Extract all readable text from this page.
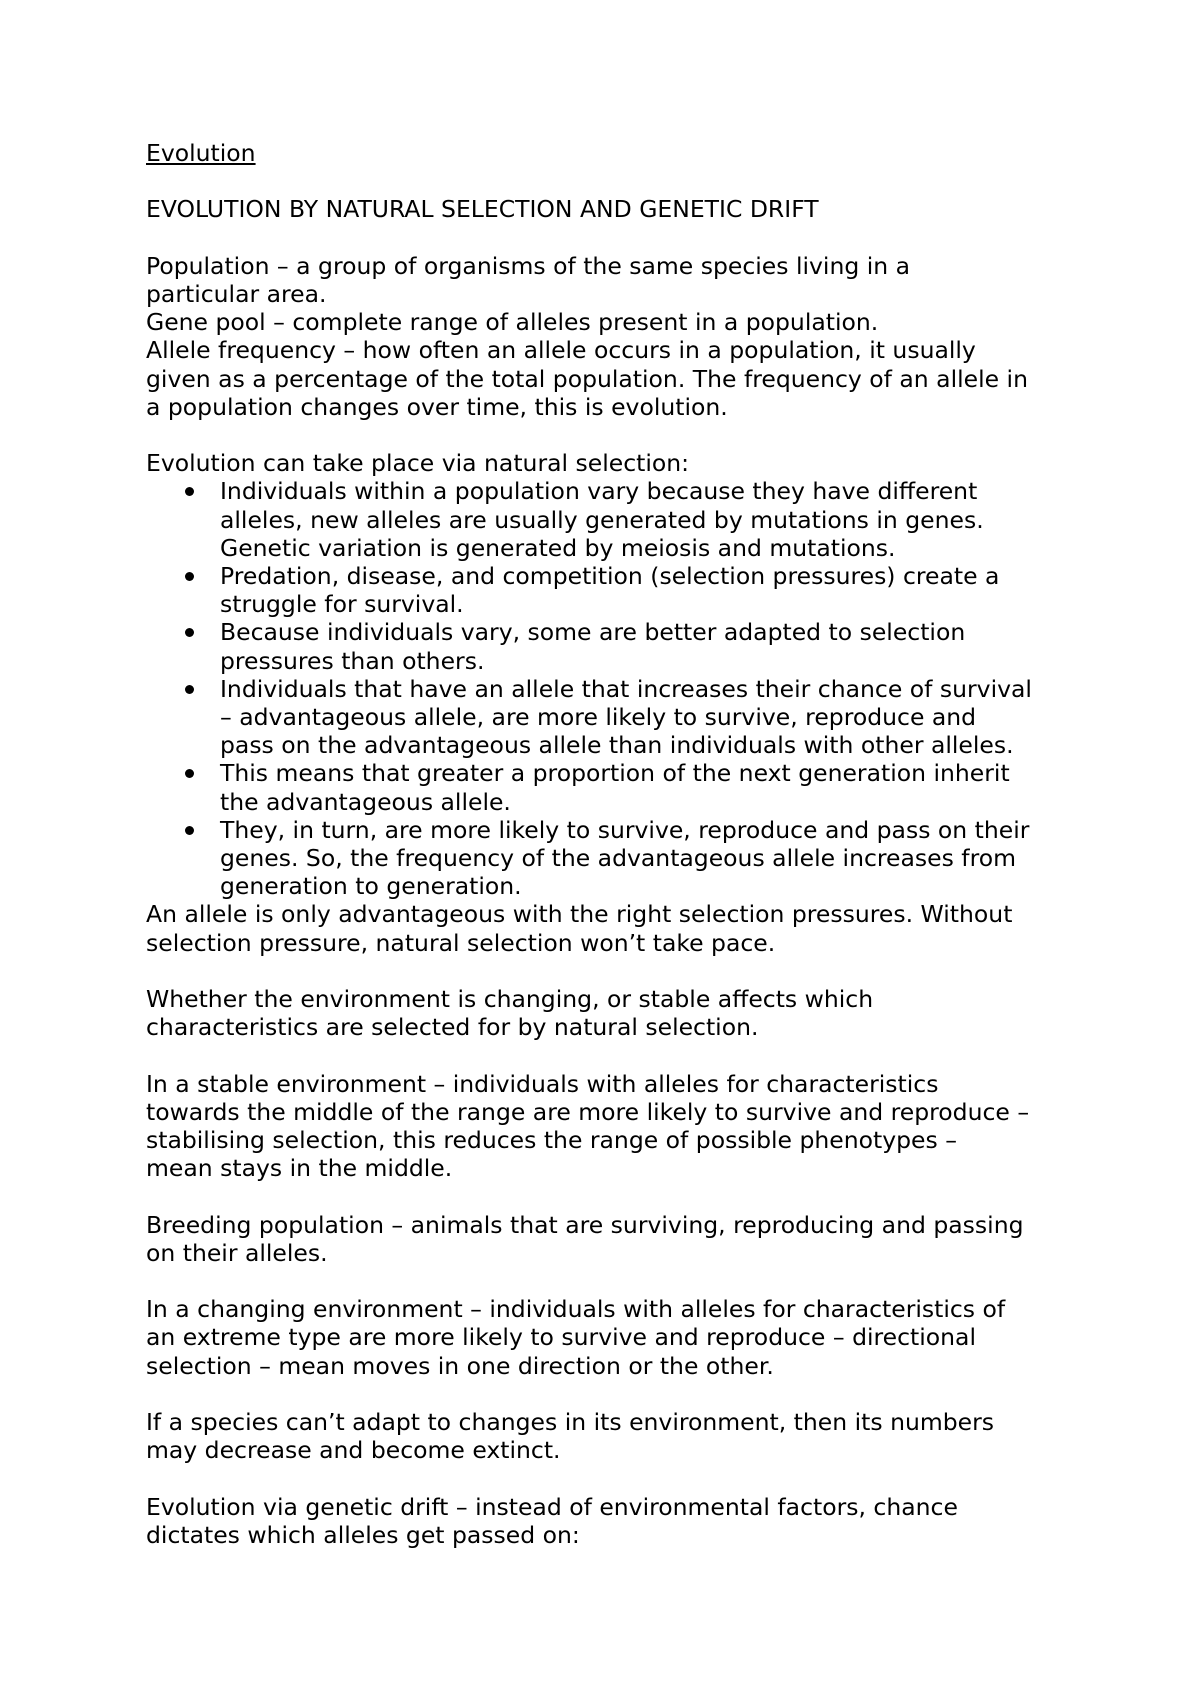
Evolution
EVOLUTION BY NATURAL SELECTION AND GENETIC DRIFT
Population – a group of organisms of the same species living in a
particular area.
Gene pool – complete range of alleles present in a population.
Allele frequency – how often an allele occurs in a population, it usually
given as a percentage of the total population. The frequency of an allele in
a population changes over time, this is evolution.
Evolution can take place via natural selection:
Individuals within a population vary because they have different
alleles, new alleles are usually generated by mutations in genes.
Genetic variation is generated by meiosis and mutations.
Predation, disease, and competition (selection pressures) create a
struggle for survival.
Because individuals vary, some are better adapted to selection
pressures than others.
Individuals that have an allele that increases their chance of survival
– advantageous allele, are more likely to survive, reproduce and
pass on the advantageous allele than individuals with other alleles.
This means that greater a proportion of the next generation inherit
the advantageous allele.
They, in turn, are more likely to survive, reproduce and pass on their
genes. So, the frequency of the advantageous allele increases from
generation to generation.
An allele is only advantageous with the right selection pressures. Without
selection pressure, natural selection won’t take pace.
Whether the environment is changing, or stable affects which
characteristics are selected for by natural selection.
In a stable environment – individuals with alleles for characteristics
towards the middle of the range are more likely to survive and reproduce –
stabilising selection, this reduces the range of possible phenotypes –
mean stays in the middle.
Breeding population – animals that are surviving, reproducing and passing
on their alleles.
In a changing environment – individuals with alleles for characteristics of
an extreme type are more likely to survive and reproduce – directional
selection – mean moves in one direction or the other.
If a species can’t adapt to changes in its environment, then its numbers
may decrease and become extinct.
Evolution via genetic drift – instead of environmental factors, chance
dictates which alleles get passed on:
